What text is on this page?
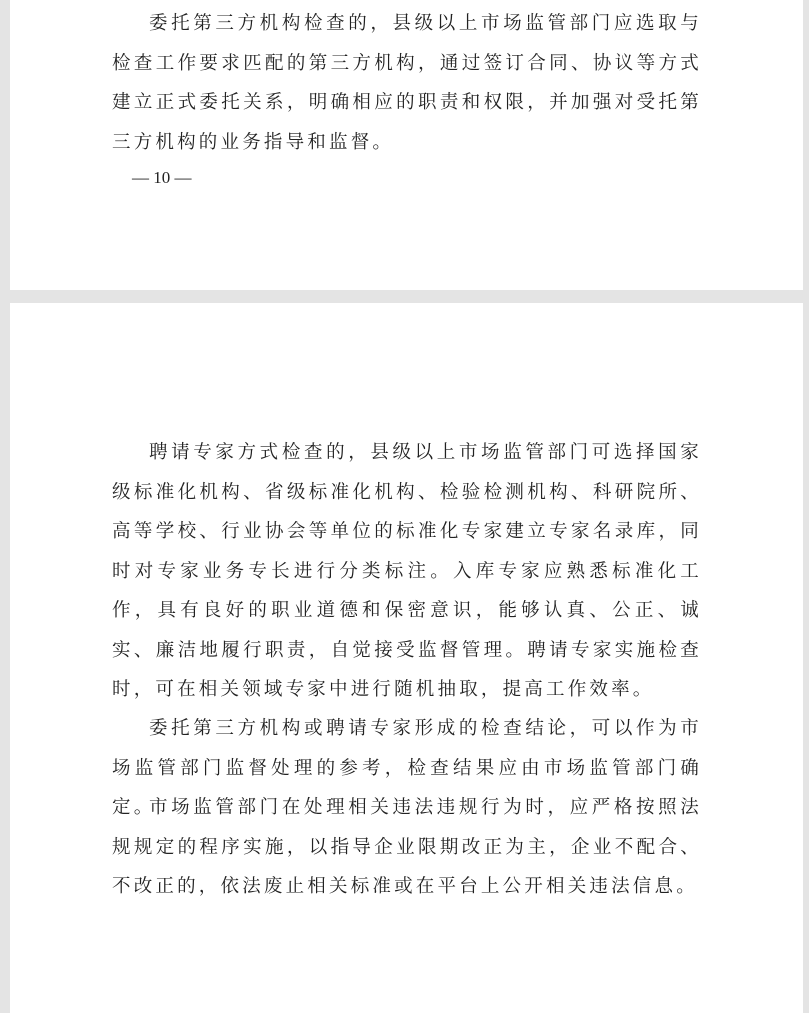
委托第三方机构检查的，县级以上市场监管部门应选取与检查工作要求匹配的第三方机构，通过签订合同、协议等方式建立正式委托关系，明确相应的职责和权限，并加强对受托第三方机构的业务指导和监督。

— 10 —

聘请专家方式检查的，县级以上市场监管部门可选择国家级标准化机构、省级标准化机构、检验检测机构、科研院所、高等学校、行业协会等单位的标准化专家建立专家名录库，同时对专家业务专长进行分类标注。入库专家应熟悉标准化工作，具有良好的职业道德和保密意识，能够认真、公正、诚实、廉洁地履行职责，自觉接受监督管理。聘请专家实施检查时，可在相关领域专家中进行随机抽取，提高工作效率。

委托第三方机构或聘请专家形成的检查结论，可以作为市场监管部门监督处理的参考，检查结果应由市场监管部门确定。

市场监管部门在处理相关违法违规行为时，应严格按照法规规定的程序实施，以指导企业限期改正为主，企业不配合、不改正的，依法废止相关标准或在平台上公开相关违法信息。
